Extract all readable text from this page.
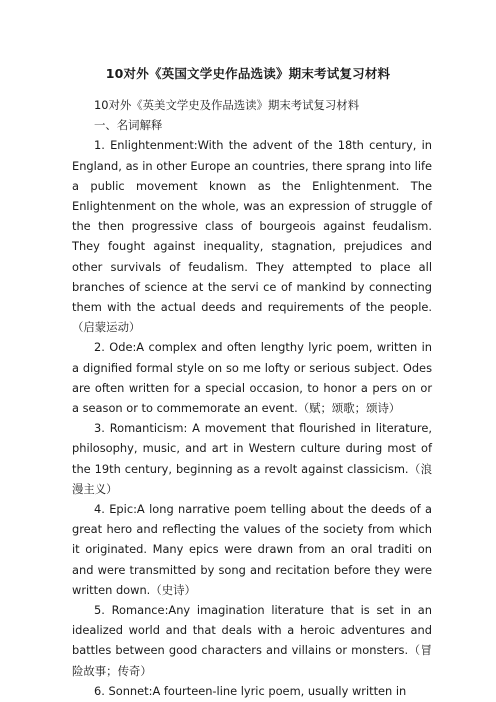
10对外《英国文学史作品选读》期末考试复习材料

10对外《英美文学史及作品选读》期末考试复习材料

一、名词解释

1. Enlightenment:With the advent of the 18th century, in England, as in other Europe an countries, there sprang into life a public movement known as the Enlightenment. The Enlightenment on the whole, was an expression of struggle of the then progressive class of bourgeois against feudalism. They fought against inequality, stagnation, prejudices and other survivals of feudalism. They attempted to place all branches of science at the servi ce of mankind by connecting them with the actual deeds and requirements of the people.（启蒙运动）

2. Ode:A complex and often lengthy lyric poem, written in a dignified formal style on so me lofty or serious subject. Odes are often written for a special occasion, to honor a pers on or a season or to commemorate an event.（赋；颂歌；颂诗）

3. Romanticism: A movement that flourished in literature, philosophy, music, and art in Western culture during most of the 19th century, beginning as a revolt against classicism.（浪漫主义）

4. Epic:A long narrative poem telling about the deeds of a great hero and reflecting the values of the society from which it originated. Many epics were drawn from an oral traditi on and were transmitted by song and recitation before they were written down.（史诗）

5. Romance:Any imagination literature that is set in an idealized world and that deals with a heroic adventures and battles between good characters and villains or monsters.（冒险故事；传奇）

6. Sonnet:A fourteen-line lyric poem, usually written in
